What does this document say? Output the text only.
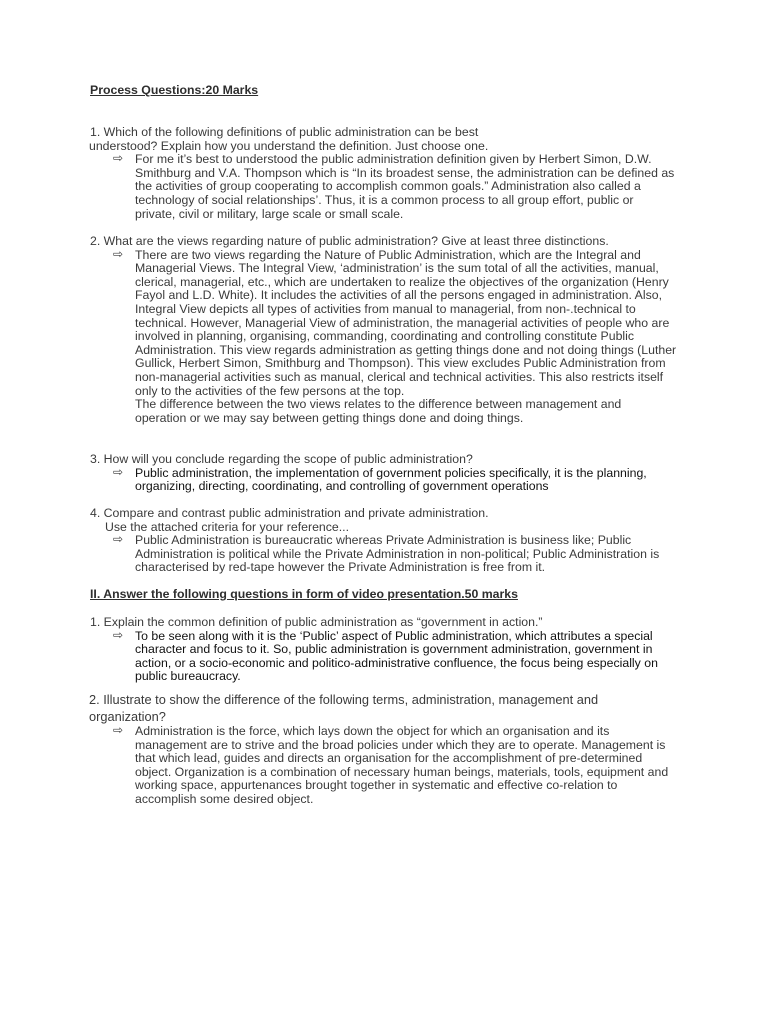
Process Questions:20 Marks
1. Which of the following definitions of public administration can be best
understood? Explain how you understand the definition. Just choose one.
⇨ For me it’s best to understood the public administration definition given by Herbert Simon, D.W. Smithburg and V.A. Thompson which is “In its broadest sense, the administration can be defined as the activities of group cooperating to accomplish common goals.” Administration also called a technology of social relationships’. Thus, it is a common process to all group effort, public or private, civil or military, large scale or small scale.
2. What are the views regarding nature of public administration? Give at least three distinctions.
⇨ There are two views regarding the Nature of Public Administration, which are the Integral and Managerial Views. The Integral View, ‘administration’ is the sum total of all the activities, manual, clerical, managerial, etc., which are undertaken to realize the objectives of the organization (Henry Fayol and L.D. White). It includes the activities of all the persons engaged in administration. Also, Integral View depicts all types of activities from manual to managerial, from non-.technical to technical. However, Managerial View of administration, the managerial activities of people who are involved in planning, organising, commanding, coordinating and controlling constitute Public Administration. This view regards administration as getting things done and not doing things (Luther Gullick, Herbert Simon, Smithburg and Thompson). This view excludes Public Administration from non-managerial activities such as manual, clerical and technical activities. This also restricts itself only to the activities of the few persons at the top.
The difference between the two views relates to the difference between management and operation or we may say between getting things done and doing things.
3. How will you conclude regarding the scope of public administration?
⇨ Public administration, the implementation of government policies specifically, it is the planning, organizing, directing, coordinating, and controlling of government operations
4. Compare and contrast public administration and private administration.
Use the attached criteria for your reference...
⇨ Public Administration is bureaucratic whereas Private Administration is business like; Public Administration is political while the Private Administration in non-political; Public Administration is characterised by red-tape however the Private Administration is free from it.
II. Answer the following questions in form of video presentation.50 marks
1. Explain the common definition of public administration as “government in action.”
⇨ To be seen along with it is the ‘Public’ aspect of Public administration, which attributes a special character and focus to it. So, public administration is government administration, government in action, or a socio-economic and politico-administrative confluence, the focus being especially on public bureaucracy.
2. Illustrate to show the difference of the following terms, administration, management and organization?
⇨ Administration is the force, which lays down the object for which an organisation and its management are to strive and the broad policies under which they are to operate. Management is that which lead, guides and directs an organisation for the accomplishment of pre-determined object. Organization is a combination of necessary human beings, materials, tools, equipment and working space, appurtenances brought together in systematic and effective co-relation to accomplish some desired object.
